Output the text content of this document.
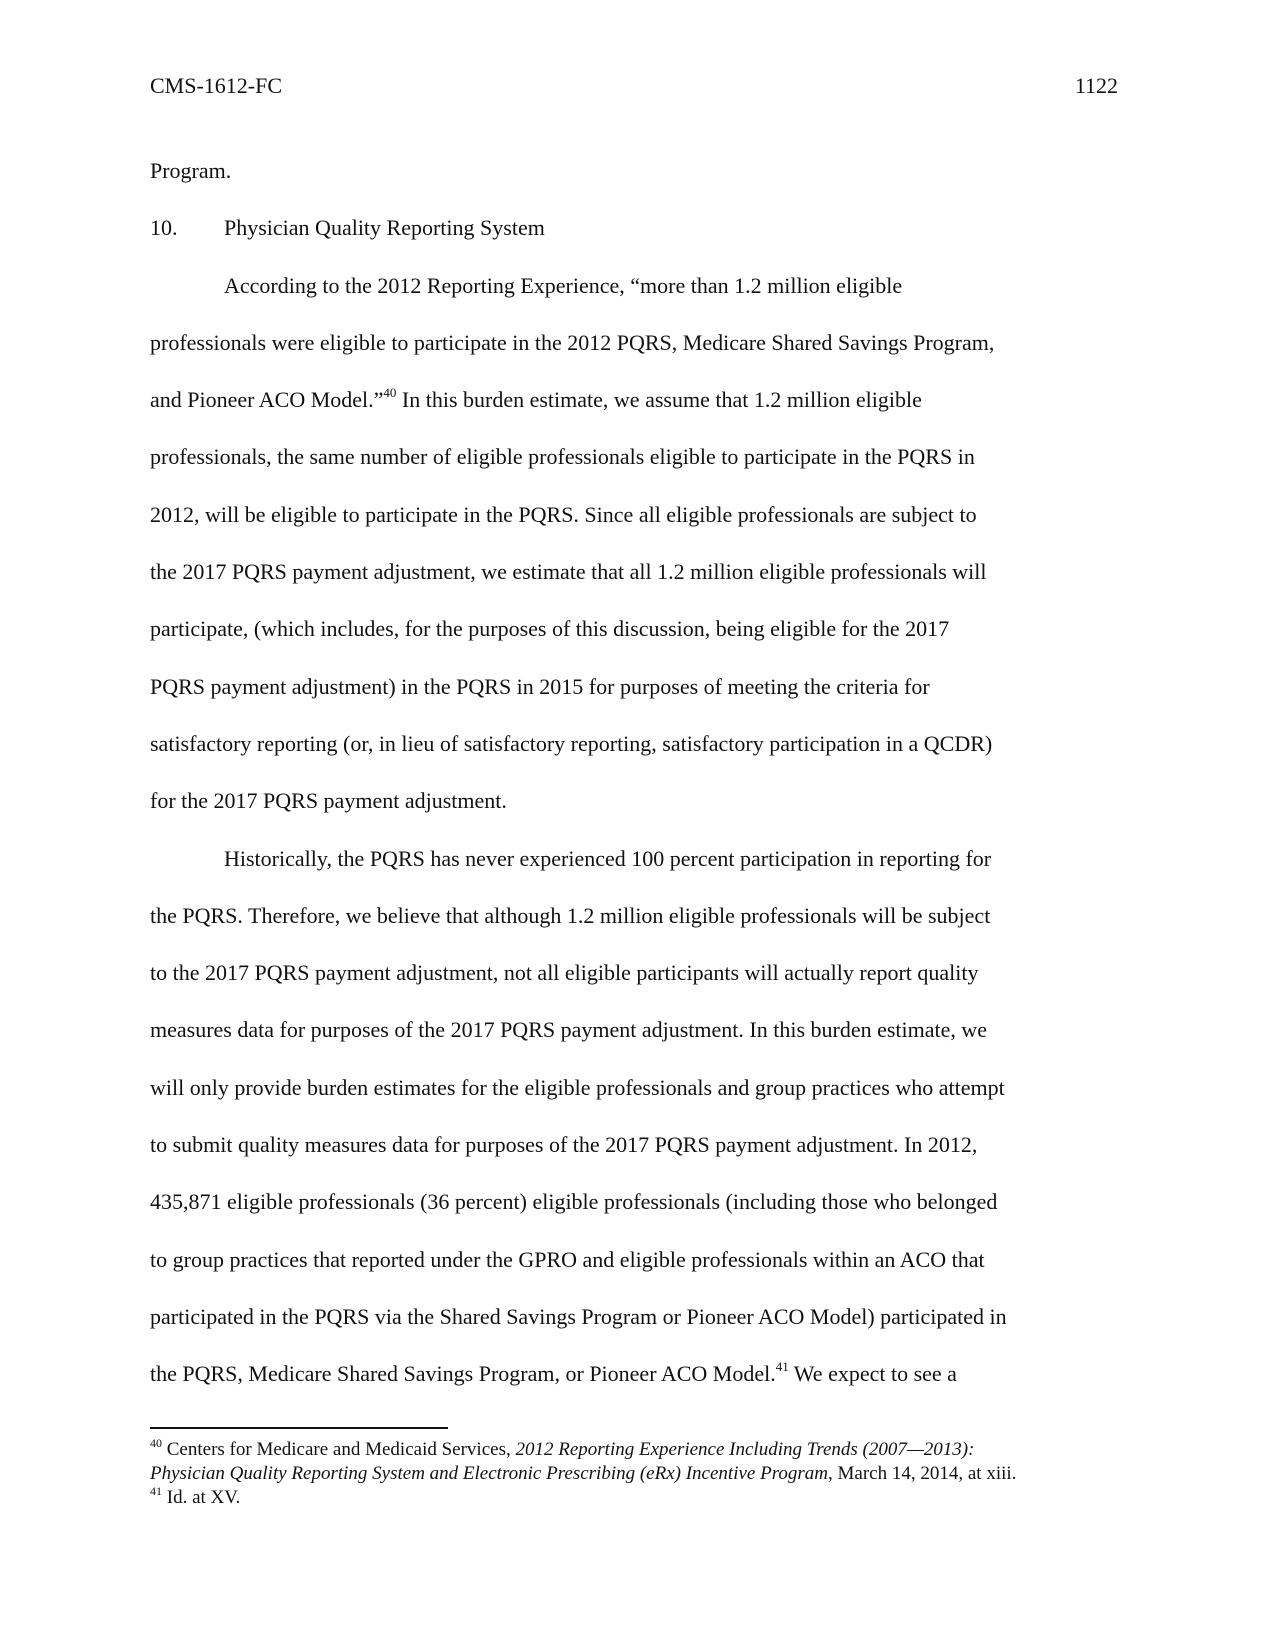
CMS-1612-FC	1122
Program.
10. Physician Quality Reporting System
According to the 2012 Reporting Experience, “more than 1.2 million eligible
professionals were eligible to participate in the 2012 PQRS, Medicare Shared Savings Program,
and Pioneer ACO Model.”$^{40}$ In this burden estimate, we assume that 1.2 million eligible
professionals, the same number of eligible professionals eligible to participate in the PQRS in
2012, will be eligible to participate in the PQRS. Since all eligible professionals are subject to
the 2017 PQRS payment adjustment, we estimate that all 1.2 million eligible professionals will
participate, (which includes, for the purposes of this discussion, being eligible for the 2017
PQRS payment adjustment) in the PQRS in 2015 for purposes of meeting the criteria for
satisfactory reporting (or, in lieu of satisfactory reporting, satisfactory participation in a QCDR)
for the 2017 PQRS payment adjustment.
Historically, the PQRS has never experienced 100 percent participation in reporting for
the PQRS. Therefore, we believe that although 1.2 million eligible professionals will be subject
to the 2017 PQRS payment adjustment, not all eligible participants will actually report quality
measures data for purposes of the 2017 PQRS payment adjustment. In this burden estimate, we
will only provide burden estimates for the eligible professionals and group practices who attempt
to submit quality measures data for purposes of the 2017 PQRS payment adjustment. In 2012,
435,871 eligible professionals (36 percent) eligible professionals (including those who belonged
to group practices that reported under the GPRO and eligible professionals within an ACO that
participated in the PQRS via the Shared Savings Program or Pioneer ACO Model) participated in
the PQRS, Medicare Shared Savings Program, or Pioneer ACO Model.$^{41}$ We expect to see a
$^{40}$ Centers for Medicare and Medicaid Services, 2012 Reporting Experience Including Trends (2007—2013):
Physician Quality Reporting System and Electronic Prescribing (eRx) Incentive Program, March 14, 2014, at xiii.
$^{41}$ Id. at XV.
